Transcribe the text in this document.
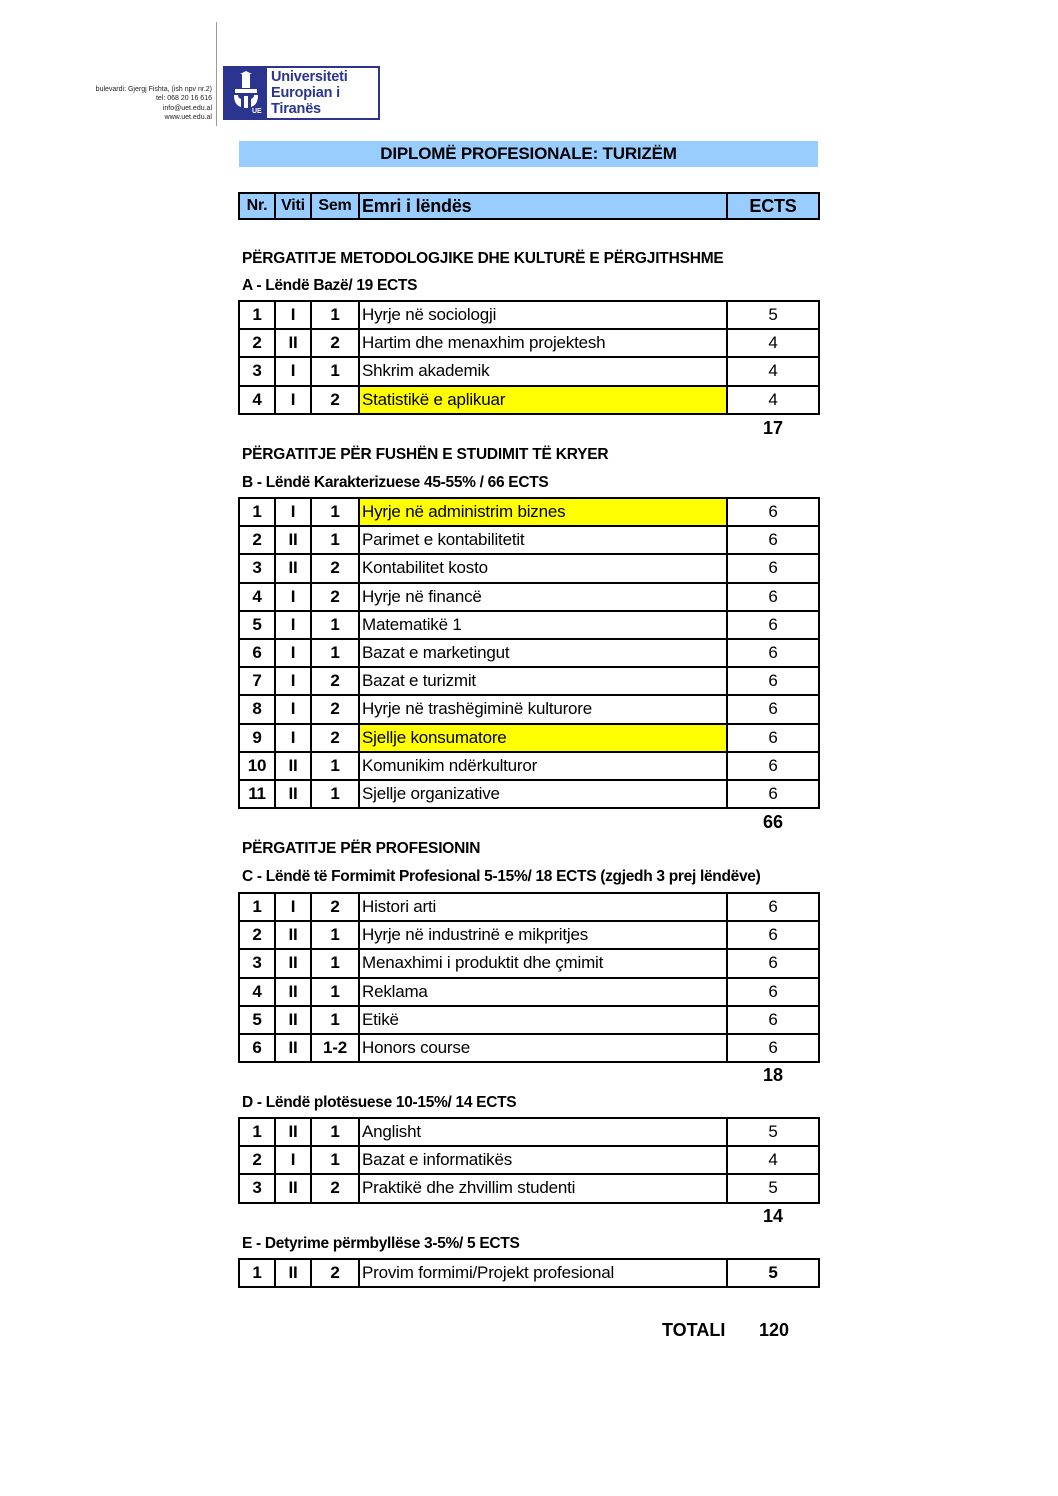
bulevardi: Gjergj Fishta, (ish npv nr.2)
tel: 068 20 16 616
info@uet.edu.al
www.uet.edu.al
UE
Universiteti
Europian i
Tiranës
DIPLOMË PROFESIONALE: TURIZËM
Nr.	Viti	Sem	Emri i lëndës	ECTS
PËRGATITJE METODOLOGJIKE DHE KULTURË E PËRGJITHSHME
PËRGATITJE PËR FUSHËN E STUDIMIT TË KRYER
PËRGATITJE PËR PROFESIONIN
A - Lëndë Bazë/ 19 ECTS
1	I	1	Hyrje në sociologji	5
2	II	2	Hartim dhe menaxhim projektesh	4
3	I	1	Shkrim akademik	4
4	I	2	Statistikë e aplikuar	4
17
B - Lëndë Karakterizuese 45-55% / 66 ECTS
1	I	1	Hyrje në administrim biznes	6
2	II	1	Parimet e kontabilitetit	6
3	II	2	Kontabilitet kosto	6
4	I	2	Hyrje në financë	6
5	I	1	Matematikë 1	6
6	I	1	Bazat e marketingut	6
7	I	2	Bazat e turizmit	6
8	I	2	Hyrje në trashëgiminë kulturore	6
9	I	2	Sjellje konsumatore	6
10	II	1	Komunikim ndërkulturor	6
11	II	1	Sjellje organizative	6
66
C - Lëndë të Formimit Profesional 5-15%/ 18 ECTS (zgjedh 3 prej lëndëve)
1	I	2	Histori arti	6
2	II	1	Hyrje në industrinë e mikpritjes	6
3	II	1	Menaxhimi i produktit dhe çmimit	6
4	II	1	Reklama	6
5	II	1	Etikë	6
6	II	1-2	Honors course	6
18
D - Lëndë plotësuese 10-15%/ 14 ECTS
1	II	1	Anglisht	5
2	I	1	Bazat e informatikës	4
3	II	2	Praktikë dhe zhvillim studenti	5
14
E - Detyrime përmbyllëse 3-5%/ 5 ECTS
1	II	2	Provim formimi/Projekt profesional	5
TOTALI 120
